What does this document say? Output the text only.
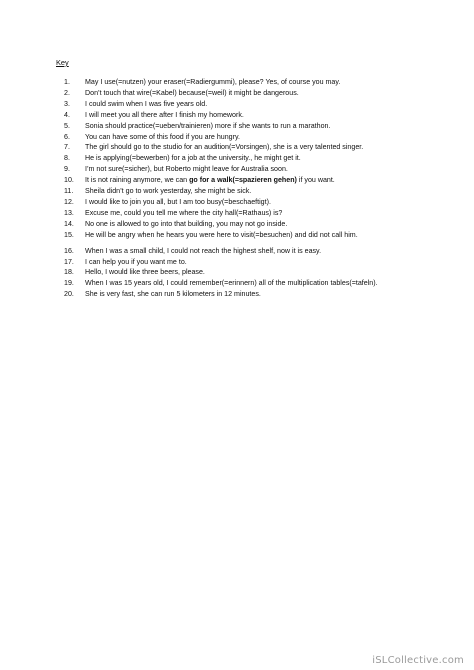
Key
1.	May I use(=nutzen) your eraser(=Radiergummi), please? Yes, of course you may.
2.	Don’t touch that wire(=Kabel) because(=weil) it might be dangerous.
3.	I could swim when I was five years old.
4.	I will meet you all there after I finish my homework.
5.	Sonia should practice(=ueben/trainieren) more if she wants to run a marathon.
6.	You can have some of this food if you are hungry.
7.	The girl should go to the studio for an audition(=Vorsingen), she is a very talented singer.
8.	He is applying(=bewerben) for a job at the university., he might get it.
9.	I’m not sure(=sicher), but Roberto might leave for Australia soon.
10.	It is not raining anymore, we can go for a walk(=spazieren gehen) if you want.
11.	Sheila didn’t go to work yesterday, she might be sick.
12.	I would like to join you all, but I am too busy(=beschaeftigt).
13.	Excuse me, could you tell me where the city hall(=Rathaus) is?
14.	No one is allowed to go into that building, you may not go inside.
15.	He will be angry when he hears you were here to visit(=besuchen) and did not call him.
16.	When I was a small child, I could not reach the highest shelf, now it is easy.
17.	I can help you if you want me to.
18.	Hello, I would like three beers, please.
19.	When I was 15 years old, I could remember(=erinnern) all of the multiplication tables(=tafeln).
20.	She is very fast, she can run 5 kilometers in 12 minutes.
iSLCollective.com
